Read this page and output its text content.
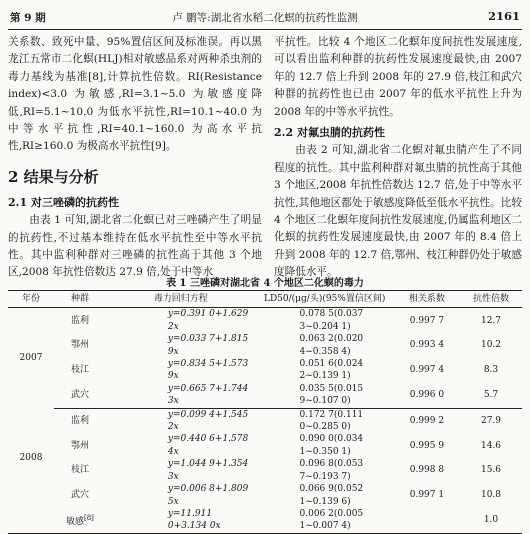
第 9 期	卢 鹏等:湖北省水稻二化螟的抗药性监测	2161

关系数、致死中量、95%置信区间及标准误。再以黑龙江五常市二化螟(HLJ)相对敏感品系对两种杀虫剂的毒力基线为基准[8],计算抗性倍数。RI(Resistance index)<3.0 为敏感,RI=3.1~5.0 为敏感度降低,RI=5.1~10.0 为低水平抗性,RI=10.1~40.0 为中等水平抗性,RI=40.1~160.0 为高水平抗性,RI≥160.0 为极高水平抗性[9]。

2 结果与分析
2.1 对三唑磷的抗药性

由表 1 可知,湖北省二化螟已对三唑磷产生了明显的抗药性,不过基本维持在低水平抗性至中等水平抗性。其中监利种群对三唑磷的抗性高于其他 3 个地区,2008 年抗性倍数达 27.9 倍,处于中等水

平抗性。比较 4 个地区二化螟年度间抗性发展速度,可以看出监利种群的抗药性发展速度最快,由 2007 年的 12.7 倍上升到 2008 年的 27.9 倍,枝江和武穴种群的抗药性也已由 2007 年的低水平抗性上升为 2008 年的中等水平抗性。

2.2 对氟虫腈的抗药性

由表 2 可知,湖北省二化螟对氟虫腈产生了不同程度的抗性。其中监利种群对氟虫腈的抗性高于其他 3 个地区,2008 年抗性倍数达 12.7 倍,处于中等水平抗性,其他地区都处于敏感度降低至低水平抗性。比较 4 个地区二化螟年度间抗性发展速度,仍属监利地区二化螟的抗药性发展速度最快,由 2007 年的 8.4 倍上升到 2008 年的 12.7 倍,鄂州、枝江种群仍处于敏感度降低水平。

表 1 三唑磷对湖北省 4 个地区二化螟的毒力
年份	种群	毒力回归方程	LD50/(μg/头)(95%置信区间)	相关系数	抗性倍数
2007	监利	y=0.391 0+1.629 2x	0.078 5(0.037 3~0.204 1)	0.997 7	12.7
	鄂州	y=0.033 7+1.815 9x	0.063 2(0.020 4~0.358 4)	0.993 4	10.2
	枝江	y=0.834 5+1.573 9x	0.051 6(0.024 2~0.139 1)	0.997 4	8.3
	武穴	y=0.665 7+1.744 3x	0.035 5(0.015 9~0.107 0)	0.996 0	5.7
2008	监利	y=0.099 4+1.545 2x	0.172 7(0.111 0~0.285 0)	0.999 2	27.9
	鄂州	y=0.440 6+1.578 4x	0.090 0(0.034 1~0.350 1)	0.995 9	14.6
	枝江	y=1.044 9+1.354 3x	0.096 8(0.053 7~0.193 7)	0.998 8	15.6
	武穴	y=0.006 8+1.809 5x	0.066 9(0.052 1~0.139 6)	0.997 1	10.8
	敏感[8]	y=11.911 0+3.134 0x	0.006 2(0.005 1~0.007 4)		1.0
